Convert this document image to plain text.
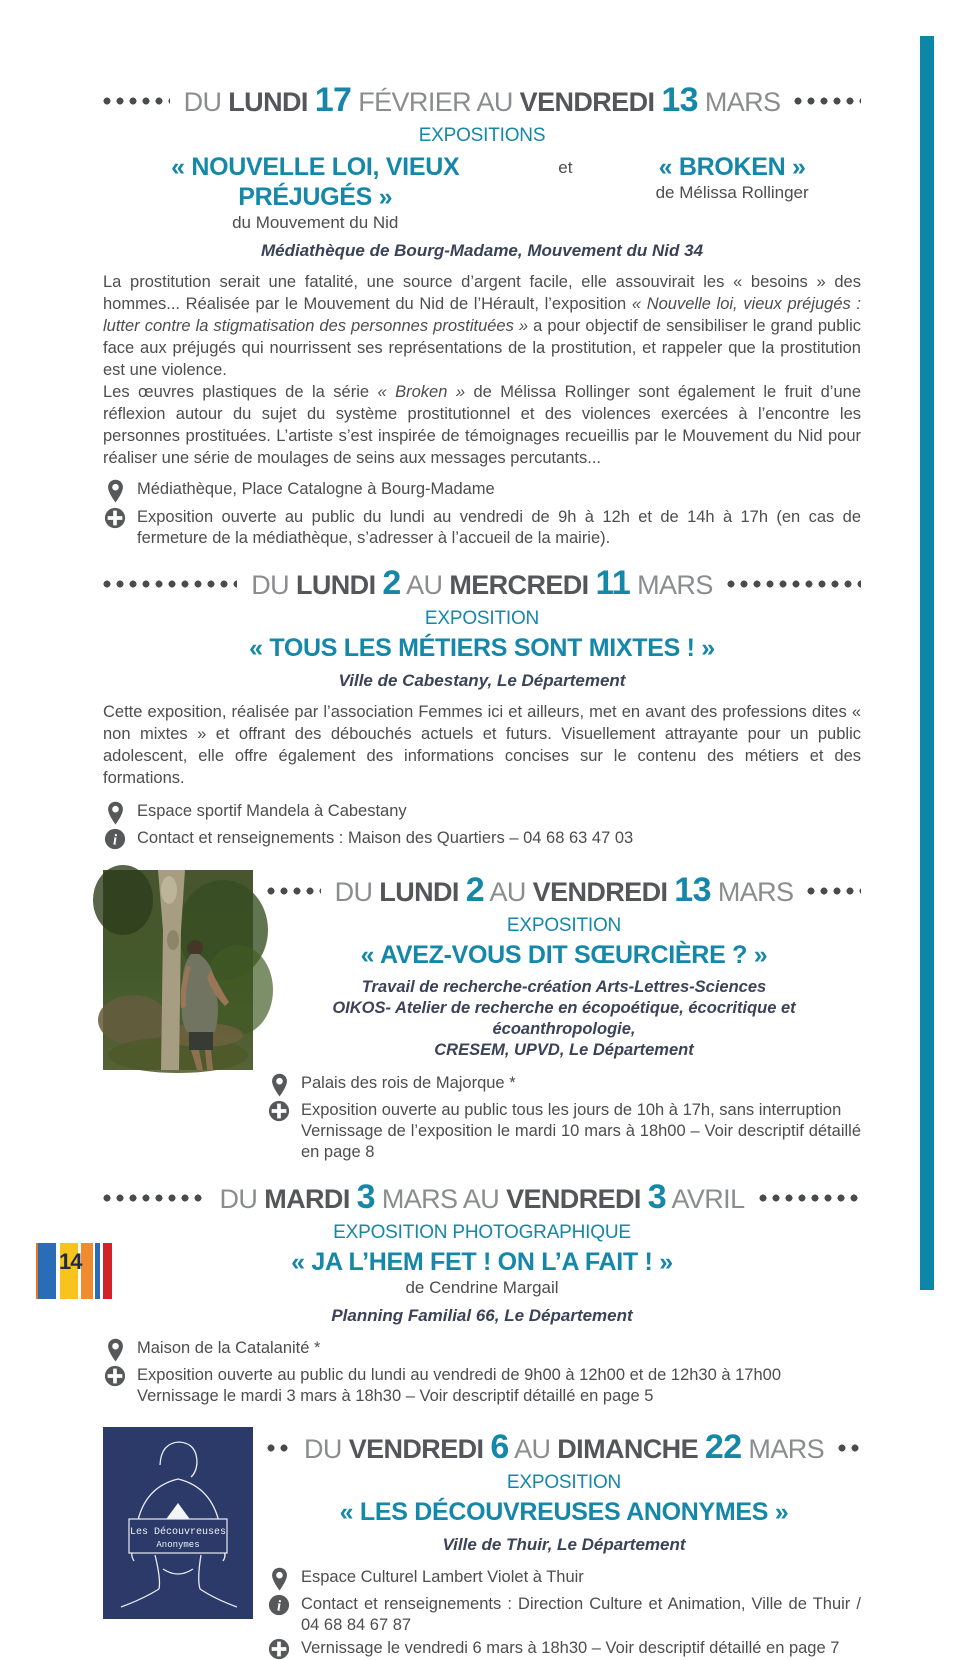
DU LUNDI 17 FÉVRIER AU VENDREDI 13 MARS
EXPOSITIONS
« NOUVELLE LOI, VIEUX PRÉJUGÉS »
du Mouvement du Nid
et	« BROKEN »
de Mélissa Rollinger
Médiathèque de Bourg-Madame, Mouvement du Nid 34
La prostitution serait une fatalité, une source d’argent facile, elle assouvirait les « besoins » des hommes... Réalisée par le Mouvement du Nid de l’Hérault, l’exposition « Nouvelle loi, vieux préjugés : lutter contre la stigmatisation des personnes prostituées » a pour objectif de sensibiliser le grand public face aux préjugés qui nourrissent ses représentations de la prostitution, et rappeler que la prostitution est une violence.
Les œuvres plastiques de la série « Broken » de Mélissa Rollinger sont également le fruit d’une réflexion autour du sujet du système prostitutionnel et des violences exercées à l’encontre les personnes prostituées. L’artiste s’est inspirée de témoignages recueillis par le Mouvement du Nid pour réaliser une série de moulages de seins aux messages percutants...
Médiathèque, Place Catalogne à Bourg-Madame
Exposition ouverte au public du lundi au vendredi de 9h à 12h et de 14h à 17h (en cas de fermeture de la médiathèque, s’adresser à l’accueil de la mairie).
DU LUNDI 2 AU MERCREDI 11 MARS
EXPOSITION
« TOUS LES MÉTIERS SONT MIXTES ! »
Ville de Cabestany, Le Département
Cette exposition, réalisée par l’association Femmes ici et ailleurs, met en avant des professions dites « non mixtes » et offrant des débouchés actuels et futurs. Visuellement attrayante pour un public adolescent, elle offre également des informations concises sur le contenu des métiers et des formations.
Espace sportif Mandela à Cabestany
i Contact et renseignements : Maison des Quartiers – 04 68 63 47 03
DU LUNDI 2 AU VENDREDI 13 MARS
EXPOSITION
« AVEZ-VOUS DIT SŒURCIÈRE ? »
Travail de recherche-création Arts-Lettres-Sciences
OIKOS- Atelier de recherche en écopoétique, écocritique et écoanthropologie,
CRESEM, UPVD, Le Département
Palais des rois de Majorque *
Exposition ouverte au public tous les jours de 10h à 17h, sans interruption
Vernissage de l’exposition le mardi 10 mars à 18h00 – Voir descriptif détaillé en page 8
DU MARDI 3 MARS AU VENDREDI 3 AVRIL
EXPOSITION PHOTOGRAPHIQUE
« JA L’HEM FET ! ON L’A FAIT ! »
de Cendrine Margail
Planning Familial 66, Le Département
Maison de la Catalanité *
Exposition ouverte au public du lundi au vendredi de 9h00 à 12h00 et de 12h30 à 17h00
Vernissage le mardi 3 mars à 18h30 – Voir descriptif détaillé en page 5
Les Découvreuses
Anonymes
DU VENDREDI 6 AU DIMANCHE 22 MARS
EXPOSITION
« LES DÉCOUVREUSES ANONYMES »
Ville de Thuir, Le Département
Espace Culturel Lambert Violet à Thuir
i Contact et renseignements : Direction Culture et Animation, Ville de Thuir / 04 68 84 67 87
Vernissage le vendredi 6 mars à 18h30 – Voir descriptif détaillé en page 7
14
